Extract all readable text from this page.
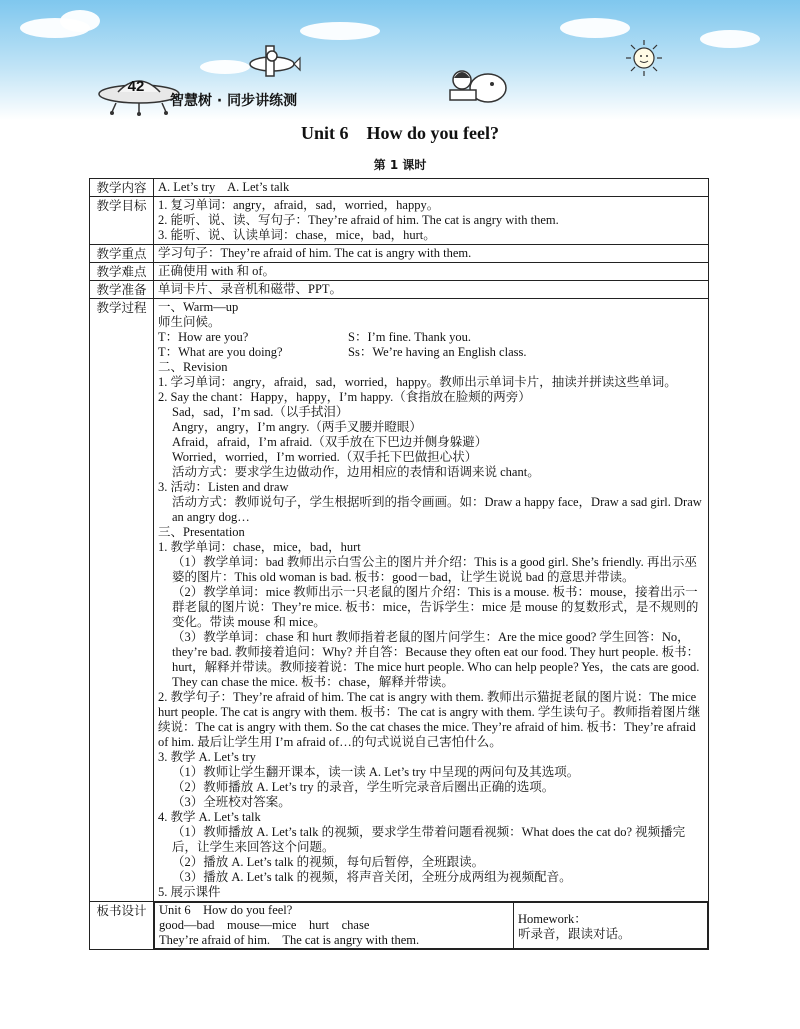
42
智慧树 · 同步讲练测
Unit 6    How do you feel?
第 1 课时
教学内容	A. Let’s try    A. Let’s talk

教学目标	1. 复习单词：angry，afraid，sad，worried，happy。
2. 能听、说、读、写句子：They’re afraid of him. The cat is angry with them.
3. 能听、说、认读单词：chase，mice，bad，hurt。

教学重点	学习句子：They’re afraid of him. The cat is angry with them.

教学难点	正确使用 with 和 of。

教学准备	单词卡片、录音机和磁带、PPT。

教学过程	一、Warm—up
师生问候。
T：How are you?	S：I’m fine. Thank you.
T：What are you doing?	Ss：We’re having an English class.
二、Revision
1. 学习单词：angry，afraid，sad，worried，happy。教师出示单词卡片，抽读并拼读这些单词。
2. Say the chant：Happy，happy，I’m happy.（食指放在脸颊的两旁）
Sad，sad，I’m sad.（以手拭泪）
Angry，angry，I’m angry.（两手叉腰并瞪眼）
Afraid，afraid，I’m afraid.（双手放在下巴边并侧身躲避）
Worried，worried，I’m worried.（双手托下巴做担心状）
活动方式：要求学生边做动作，边用相应的表情和语调来说 chant。
3. 活动：Listen and draw
活动方式：教师说句子，学生根据听到的指令画画。如：Draw a happy face，Draw a sad girl. Draw an angry dog…
三、Presentation
1. 教学单词：chase，mice，bad，hurt
（1）教学单词：bad 教师出示白雪公主的图片并介绍：This is a good girl. She’s friendly. 再出示巫婆的图片：This old woman is bad. 板书：good－bad，让学生说说 bad 的意思并带读。
（2）教学单词：mice 教师出示一只老鼠的图片介绍：This is a mouse. 板书：mouse，接着出示一群老鼠的图片说：They’re mice. 板书：mice，告诉学生：mice 是 mouse 的复数形式，是不规则的变化。带读 mouse 和 mice。
（3）教学单词：chase 和 hurt 教师指着老鼠的图片问学生：Are the mice good? 学生回答：No，they’re bad. 教师接着追问：Why? 并自答：Because they often eat our food. They hurt people. 板书：hurt，解释并带读。教师接着说：The mice hurt people. Who can help people? Yes，the cats are good. They can chase the mice. 板书：chase，解释并带读。
2. 教学句子：They’re afraid of him. The cat is angry with them. 教师出示猫捉老鼠的图片说：The mice hurt people. The cat is angry with them. 板书：The cat is angry with them. 学生读句子。教师指着图片继续说：The cat is angry with them. So the cat chases the mice. They’re afraid of him. 板书：They’re afraid of him. 最后让学生用 I’m afraid of…的句式说说自己害怕什么。
3. 教学 A. Let’s try
（1）教师让学生翻开课本，读一读 A. Let’s try 中呈现的两问句及其选项。
（2）教师播放 A. Let’s try 的录音，学生听完录音后圈出正确的选项。
（3）全班校对答案。
4. 教学 A. Let’s talk
（1）教师播放 A. Let’s talk 的视频，要求学生带着问题看视频：What does the cat do? 视频播完后，让学生来回答这个问题。
（2）播放 A. Let’s talk 的视频，每句后暂停，全班跟读。
（3）播放 A. Let’s talk 的视频，将声音关闭，全班分成两组为视频配音。
5. 展示课件

板书设计	Unit 6    How do you feel?
good—bad    mouse—mice    hurt    chase
They’re afraid of him.    The cat is angry with them.

Homework：
听录音，跟读对话。
